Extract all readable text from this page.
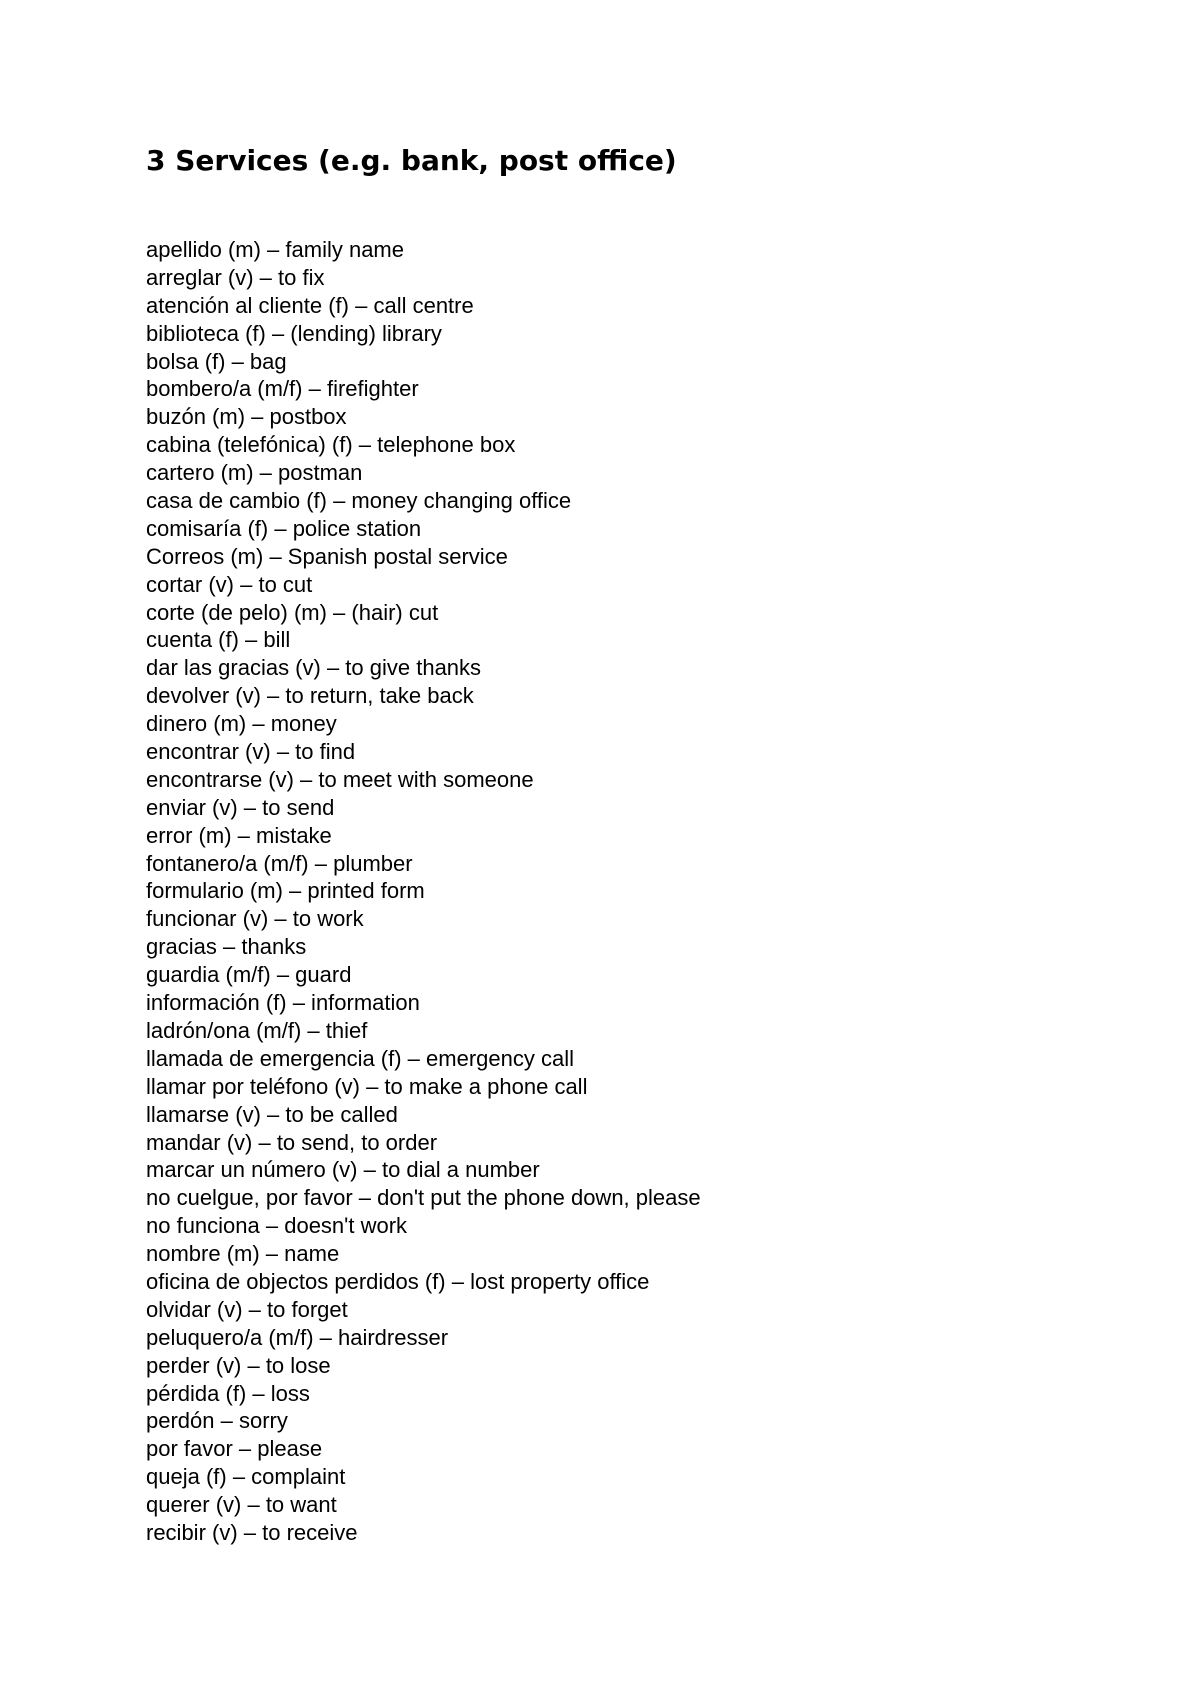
3 Services (e.g. bank, post office)
apellido (m) – family name
arreglar (v) – to fix
atención al cliente (f) – call centre
biblioteca (f) – (lending) library
bolsa (f) – bag
bombero/a (m/f) – firefighter
buzón (m) – postbox
cabina (telefónica) (f) – telephone box
cartero (m) – postman
casa de cambio (f) – money changing office
comisaría (f) – police station
Correos (m) – Spanish postal service
cortar (v) – to cut
corte (de pelo) (m) – (hair) cut
cuenta (f) – bill
dar las gracias (v) – to give thanks
devolver (v) – to return, take back
dinero (m) – money
encontrar (v) – to find
encontrarse (v) – to meet with someone
enviar (v) – to send
error (m) – mistake
fontanero/a (m/f) – plumber
formulario (m) – printed form
funcionar (v) – to work
gracias – thanks
guardia (m/f) – guard
información (f) – information
ladrón/ona (m/f) – thief
llamada de emergencia (f) – emergency call
llamar por teléfono (v) – to make a phone call
llamarse (v) – to be called
mandar (v) – to send, to order
marcar un número (v) – to dial a number
no cuelgue, por favor – don't put the phone down, please
no funciona – doesn't work
nombre (m) – name
oficina de objectos perdidos (f) – lost property office
olvidar (v) – to forget
peluquero/a (m/f) – hairdresser
perder (v) – to lose
pérdida (f) – loss
perdón – sorry
por favor – please
queja (f) – complaint
querer (v) – to want
recibir (v) – to receive
